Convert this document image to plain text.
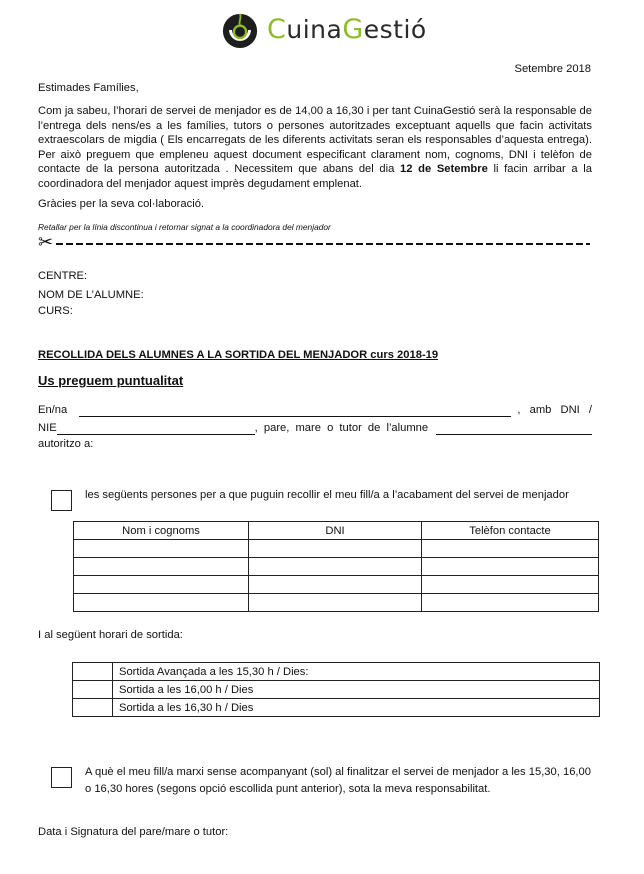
CuinaGestió
Setembre 2018
Estimades Famílies,
Com ja sabeu, l’horari de servei de menjador es de 14,00 a 16,30 i per tant CuinaGestió serà la responsable de l’entrega dels nens/es a les famílies, tutors o persones autoritzades exceptuant aquells que facin activitats extraescolars de migdia ( Els encarregats de les diferents activitats seran els responsables d’aquesta entrega). Per això preguem que empleneu aquest document especificant clarament nom, cognoms, DNI i telèfon de contacte de la persona autoritzada . Necessitem que abans del dia 12 de Setembre li facin arribar a la coordinadora del menjador aquest imprès degudament emplenat.
Gràcies per la seva col·laboració.
Retallar per la línia discontinua i retornar signat a la coordinadora del menjador
✂
CENTRE:
NOM DE L’ALUMNE:
CURS:
RECOLLIDA DELS ALUMNES A LA SORTIDA DEL MENJADOR curs 2018-19
Us preguem puntualitat
En/na	, amb DNI /
NIE	, pare, mare o tutor de l’alumne
autoritzo a:
les següents persones per a que puguin recollir el meu fill/a a l’acabament del servei de menjador
Nom i cognoms	DNI	Telèfon contacte

I al següent horari de sortida:
	Sortida Avançada a les 15,30 h / Dies:
	Sortida a les 16,00 h / Dies
	Sortida a les 16,30 h / Dies
A què el meu fill/a marxi sense acompanyant (sol) al finalitzar el servei de menjador a les 15,30, 16,00 o 16,30 hores (segons opció escollida punt anterior), sota la meva responsabilitat.
Data i Signatura del pare/mare o tutor:
